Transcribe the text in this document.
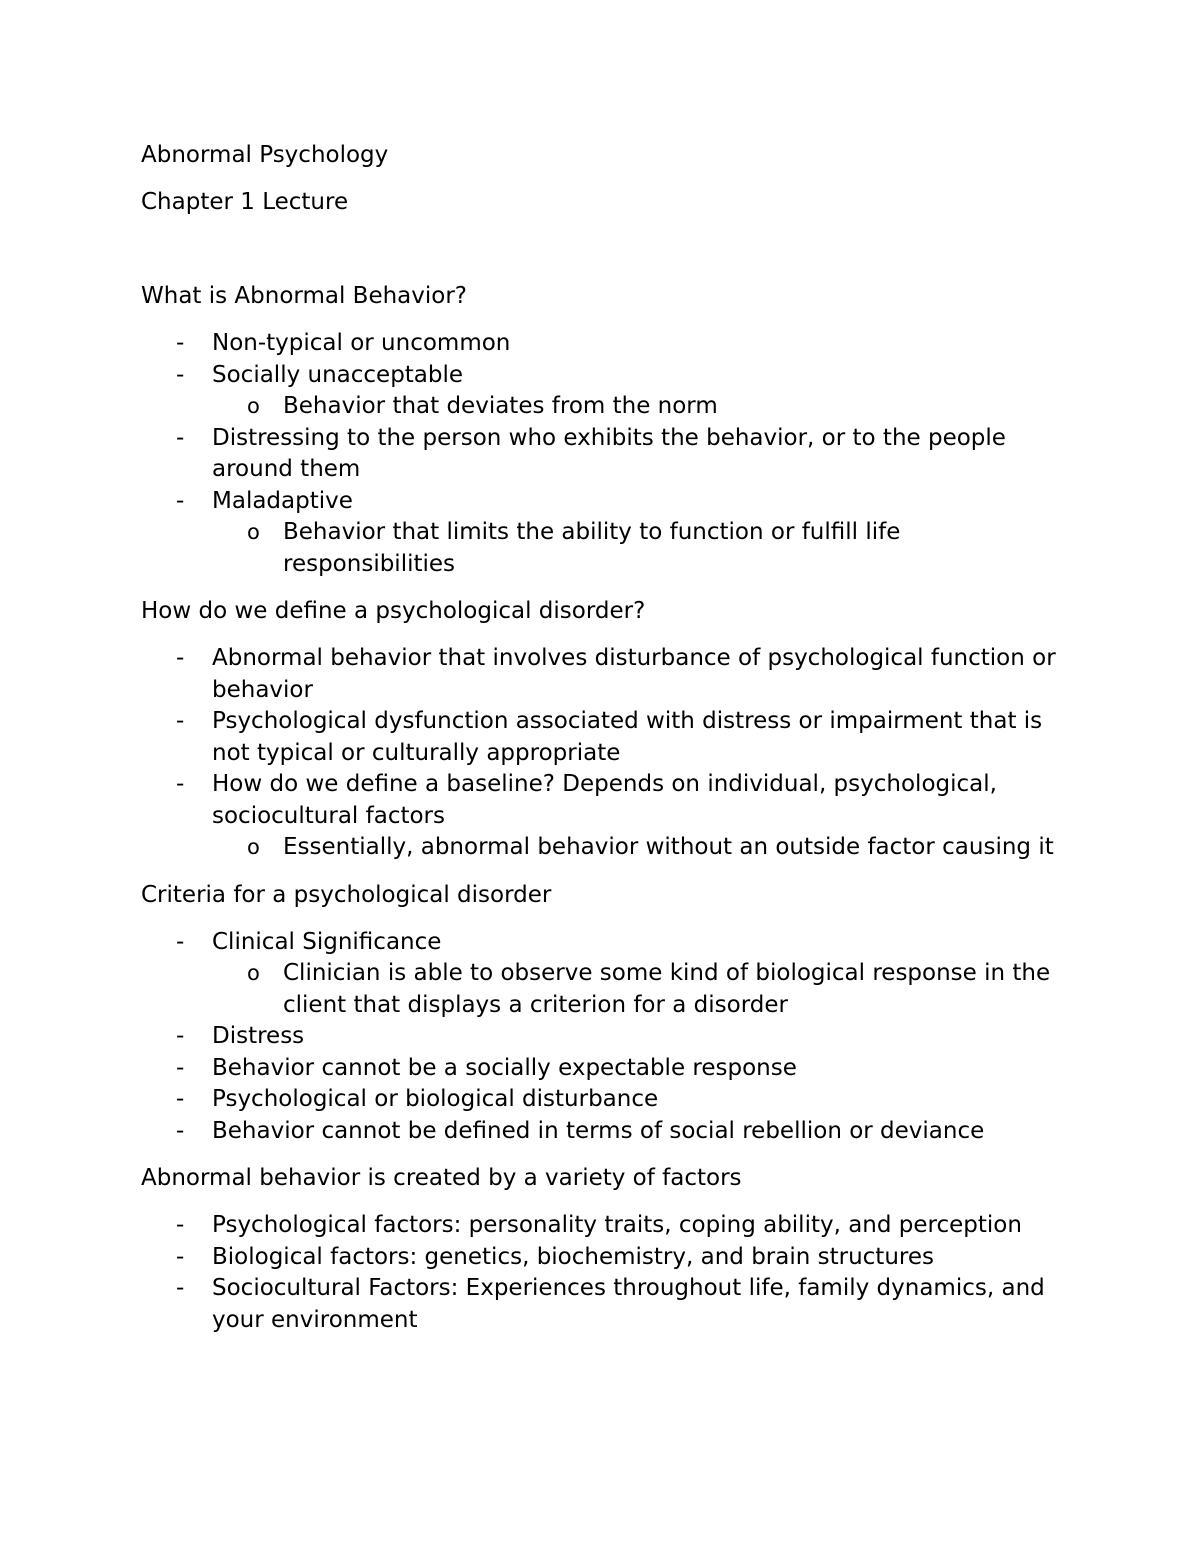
Abnormal Psychology

Chapter 1 Lecture

What is Abnormal Behavior?

- Non-typical or uncommon
- Socially unacceptable
o Behavior that deviates from the norm
- Distressing to the person who exhibits the behavior, or to the people around them
- Maladaptive
o Behavior that limits the ability to function or fulfill life responsibilities

How do we define a psychological disorder?

- Abnormal behavior that involves disturbance of psychological function or behavior
- Psychological dysfunction associated with distress or impairment that is not typical or culturally appropriate
- How do we define a baseline? Depends on individual, psychological, sociocultural factors
o Essentially, abnormal behavior without an outside factor causing it

Criteria for a psychological disorder

- Clinical Significance
o Clinician is able to observe some kind of biological response in the client that displays a criterion for a disorder
- Distress
- Behavior cannot be a socially expectable response
- Psychological or biological disturbance
- Behavior cannot be defined in terms of social rebellion or deviance

Abnormal behavior is created by a variety of factors

- Psychological factors: personality traits, coping ability, and perception
- Biological factors: genetics, biochemistry, and brain structures
- Sociocultural Factors: Experiences throughout life, family dynamics, and your environment
